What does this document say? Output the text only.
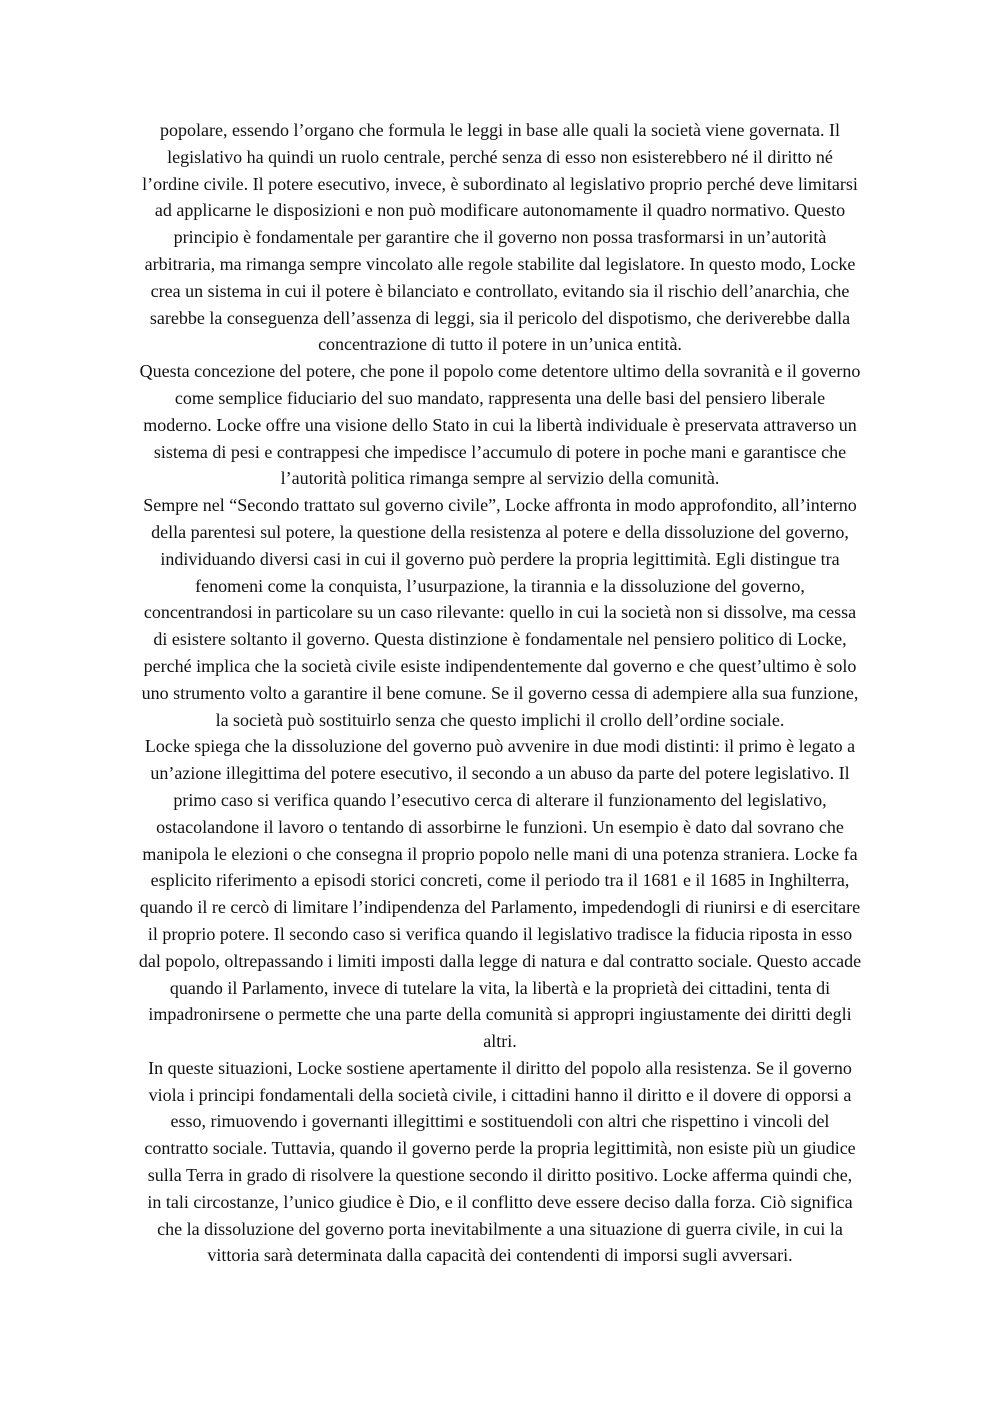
popolare, essendo l’organo che formula le leggi in base alle quali la società viene governata. Il
legislativo ha quindi un ruolo centrale, perché senza di esso non esisterebbero né il diritto né
l’ordine civile. Il potere esecutivo, invece, è subordinato al legislativo proprio perché deve limitarsi
ad applicarne le disposizioni e non può modificare autonomamente il quadro normativo. Questo
principio è fondamentale per garantire che il governo non possa trasformarsi in un’autorità
arbitraria, ma rimanga sempre vincolato alle regole stabilite dal legislatore. In questo modo, Locke
crea un sistema in cui il potere è bilanciato e controllato, evitando sia il rischio dell’anarchia, che
sarebbe la conseguenza dell’assenza di leggi, sia il pericolo del dispotismo, che deriverebbe dalla
concentrazione di tutto il potere in un’unica entità.
Questa concezione del potere, che pone il popolo come detentore ultimo della sovranità e il governo
come semplice fiduciario del suo mandato, rappresenta una delle basi del pensiero liberale
moderno. Locke offre una visione dello Stato in cui la libertà individuale è preservata attraverso un
sistema di pesi e contrappesi che impedisce l’accumulo di potere in poche mani e garantisce che
l’autorità politica rimanga sempre al servizio della comunità.
Sempre nel “Secondo trattato sul governo civile”, Locke affronta in modo approfondito, all’interno
della parentesi sul potere, la questione della resistenza al potere e della dissoluzione del governo,
individuando diversi casi in cui il governo può perdere la propria legittimità. Egli distingue tra
fenomeni come la conquista, l’usurpazione, la tirannia e la dissoluzione del governo,
concentrandosi in particolare su un caso rilevante: quello in cui la società non si dissolve, ma cessa
di esistere soltanto il governo. Questa distinzione è fondamentale nel pensiero politico di Locke,
perché implica che la società civile esiste indipendentemente dal governo e che quest’ultimo è solo
uno strumento volto a garantire il bene comune. Se il governo cessa di adempiere alla sua funzione,
la società può sostituirlo senza che questo implichi il crollo dell’ordine sociale.
Locke spiega che la dissoluzione del governo può avvenire in due modi distinti: il primo è legato a
un’azione illegittima del potere esecutivo, il secondo a un abuso da parte del potere legislativo. Il
primo caso si verifica quando l’esecutivo cerca di alterare il funzionamento del legislativo,
ostacolandone il lavoro o tentando di assorbirne le funzioni. Un esempio è dato dal sovrano che
manipola le elezioni o che consegna il proprio popolo nelle mani di una potenza straniera. Locke fa
esplicito riferimento a episodi storici concreti, come il periodo tra il 1681 e il 1685 in Inghilterra,
quando il re cercò di limitare l’indipendenza del Parlamento, impedendogli di riunirsi e di esercitare
il proprio potere. Il secondo caso si verifica quando il legislativo tradisce la fiducia riposta in esso
dal popolo, oltrepassando i limiti imposti dalla legge di natura e dal contratto sociale. Questo accade
quando il Parlamento, invece di tutelare la vita, la libertà e la proprietà dei cittadini, tenta di
impadronirsene o permette che una parte della comunità si appropri ingiustamente dei diritti degli
altri.
In queste situazioni, Locke sostiene apertamente il diritto del popolo alla resistenza. Se il governo
viola i principi fondamentali della società civile, i cittadini hanno il diritto e il dovere di opporsi a
esso, rimuovendo i governanti illegittimi e sostituendoli con altri che rispettino i vincoli del
contratto sociale. Tuttavia, quando il governo perde la propria legittimità, non esiste più un giudice
sulla Terra in grado di risolvere la questione secondo il diritto positivo. Locke afferma quindi che,
in tali circostanze, l’unico giudice è Dio, e il conflitto deve essere deciso dalla forza. Ciò significa
che la dissoluzione del governo porta inevitabilmente a una situazione di guerra civile, in cui la
vittoria sarà determinata dalla capacità dei contendenti di imporsi sugli avversari.
